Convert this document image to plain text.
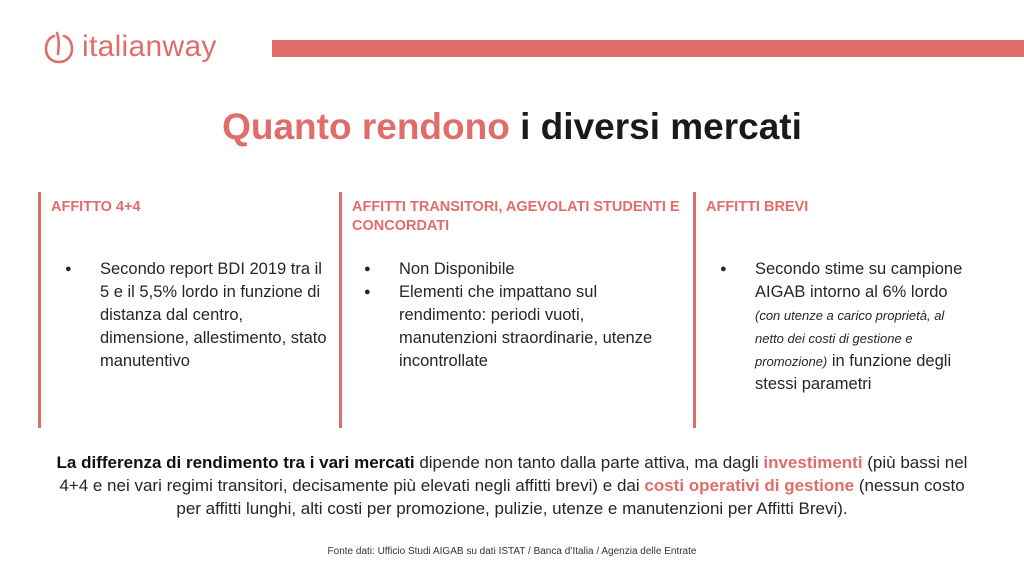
italianway
Quanto rendono i diversi mercati
AFFITTO 4+4
● Secondo report BDI 2019 tra il 5 e il 5,5% lordo in funzione di distanza dal centro, dimensione, allestimento, stato manutentivo
AFFITTI TRANSITORI, AGEVOLATI STUDENTI E CONCORDATI
● Non Disponibile
● Elementi che impattano sul rendimento: periodi vuoti, manutenzioni straordinarie, utenze incontrollate
AFFITTI BREVI
● Secondo stime su campione AIGAB intorno al 6% lordo (con utenze a carico proprietà, al netto dei costi di gestione e promozione) in funzione degli stessi parametri
La differenza di rendimento tra i vari mercati dipende non tanto dalla parte attiva, ma dagli investimenti (più bassi nel 4+4 e nei vari regimi transitori, decisamente più elevati negli affitti brevi) e dai costi operativi di gestione (nessun costo per affitti lunghi, alti costi per promozione, pulizie, utenze e manutenzioni per Affitti Brevi).
Fonte dati: Ufficio Studi AIGAB su dati ISTAT / Banca d’Italia / Agenzia delle Entrate
